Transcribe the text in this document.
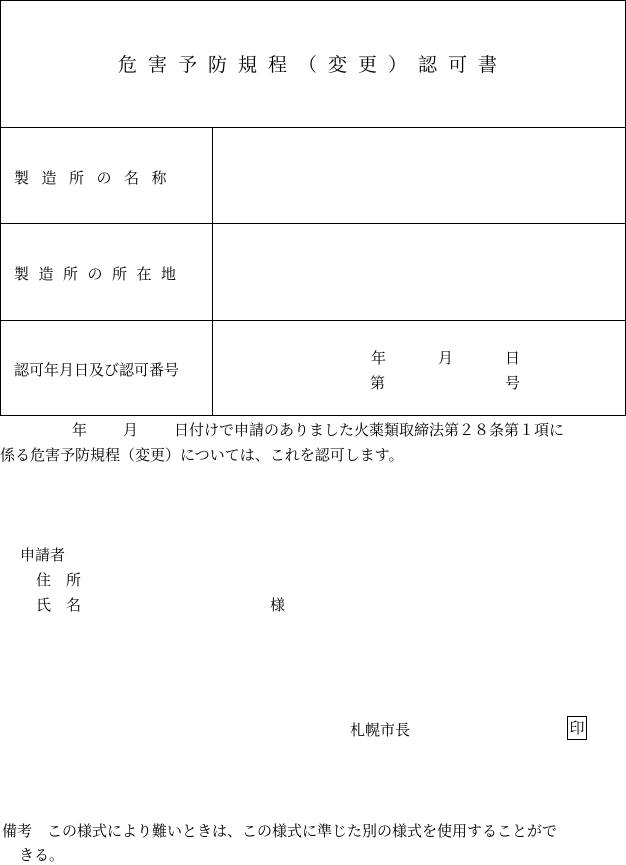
危害予防規程（変更）認可書
製造所の名称
製造所の所在地
認可年月日及び認可番号
年	月	日
第	号
年 月 日付けで申請のありました火薬類取締法第２８条第１項に
係る危害予防規程（変更）については、これを認可します。
申請者
住　所
氏　名	様
札幌市長	印
備考　この様式により難いときは、この様式に準じた別の様式を使用することがで
きる。
